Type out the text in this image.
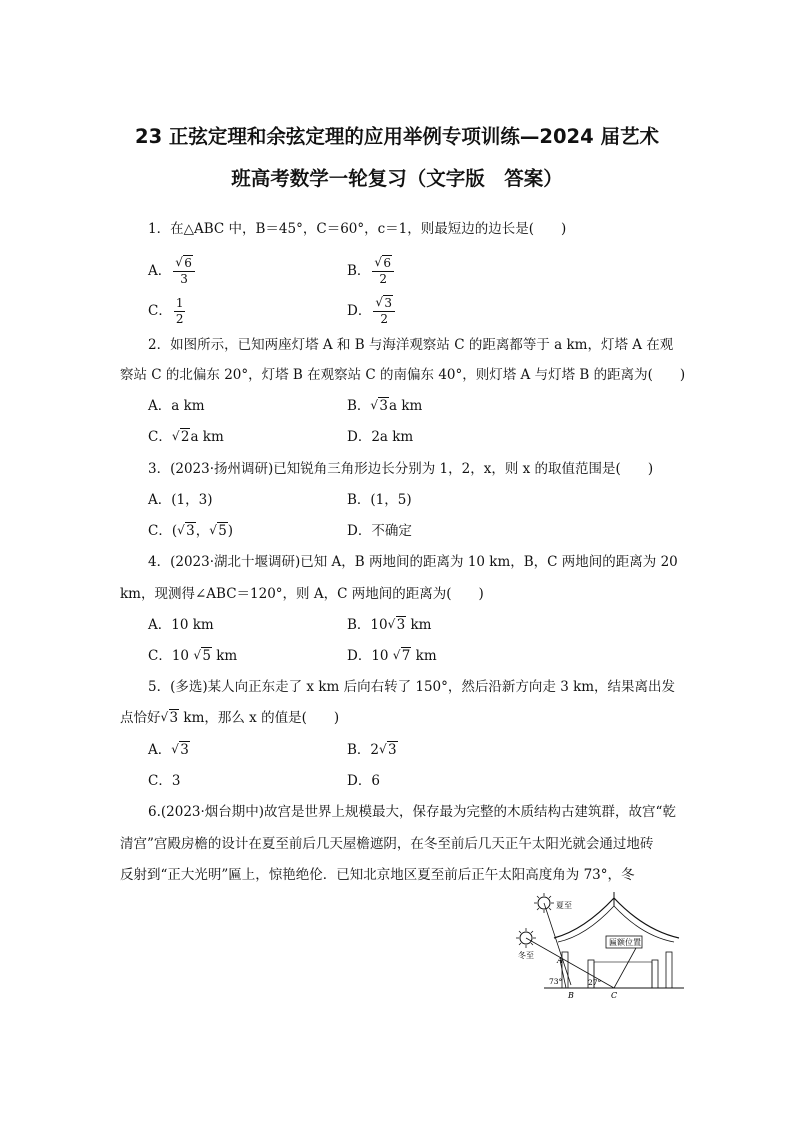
23 正弦定理和余弦定理的应用举例专项训练—2024 届艺术
班高考数学一轮复习（文字版　答案）
1．在△ABC 中，B＝45°，C＝60°，c＝1，则最短边的边长是(　　)
A． √ $\frac{6}{3}$	B． √ $\frac{6}{2}$
C． $\frac{1}{2}$	D． √ $\frac{3}{2}$
2．如图所示，已知两座灯塔 A 和 B 与海洋观察站 C 的距离都等于 a km，灯塔 A 在观
察站 C 的北偏东 20°，灯塔 B 在观察站 C 的南偏东 40°，则灯塔 A 与灯塔 B 的距离为(　　)
A．a km	B． √ 3a km
C． √ 2a km	D．2a km
3．(2023·扬州调研)已知锐角三角形边长分别为 1，2，x，则 x 的取值范围是(　　)
A．(1，3)	B．(1，5)
C．( √ 3， √ 5)	D．不确定
4．(2023·湖北十堰调研)已知 A，B 两地间的距离为 10 km，B，C 两地间的距离为 20
km，现测得∠ABC＝120°，则 A，C 两地间的距离为(　　)
A．10 km	B．10 √ 3 km
C．10 √ 5 km	D．10 √ 7 km
5．(多选)某人向正东走了 x km 后向右转了 150°，然后沿新方向走 3 km，结果离出发
点恰好 √ 3 km，那么 x 的值是(　　)
A． √ 3	B．2 √ 3
C．3	D．6
6.(2023·烟台期中)故宫是世界上规模最大，保存最为完整的木质结构古建筑群，故宫“乾
清宫”宫殿房檐的设计在夏至前后几天屋檐遮阴，在冬至前后几天正午太阳光就会通过地砖
反射到“正大光明”匾上，惊艳绝伦．已知北京地区夏至前后正午太阳高度角为 73°，冬
夏至
冬至
匾额位置
A
B	C
73°	27°
